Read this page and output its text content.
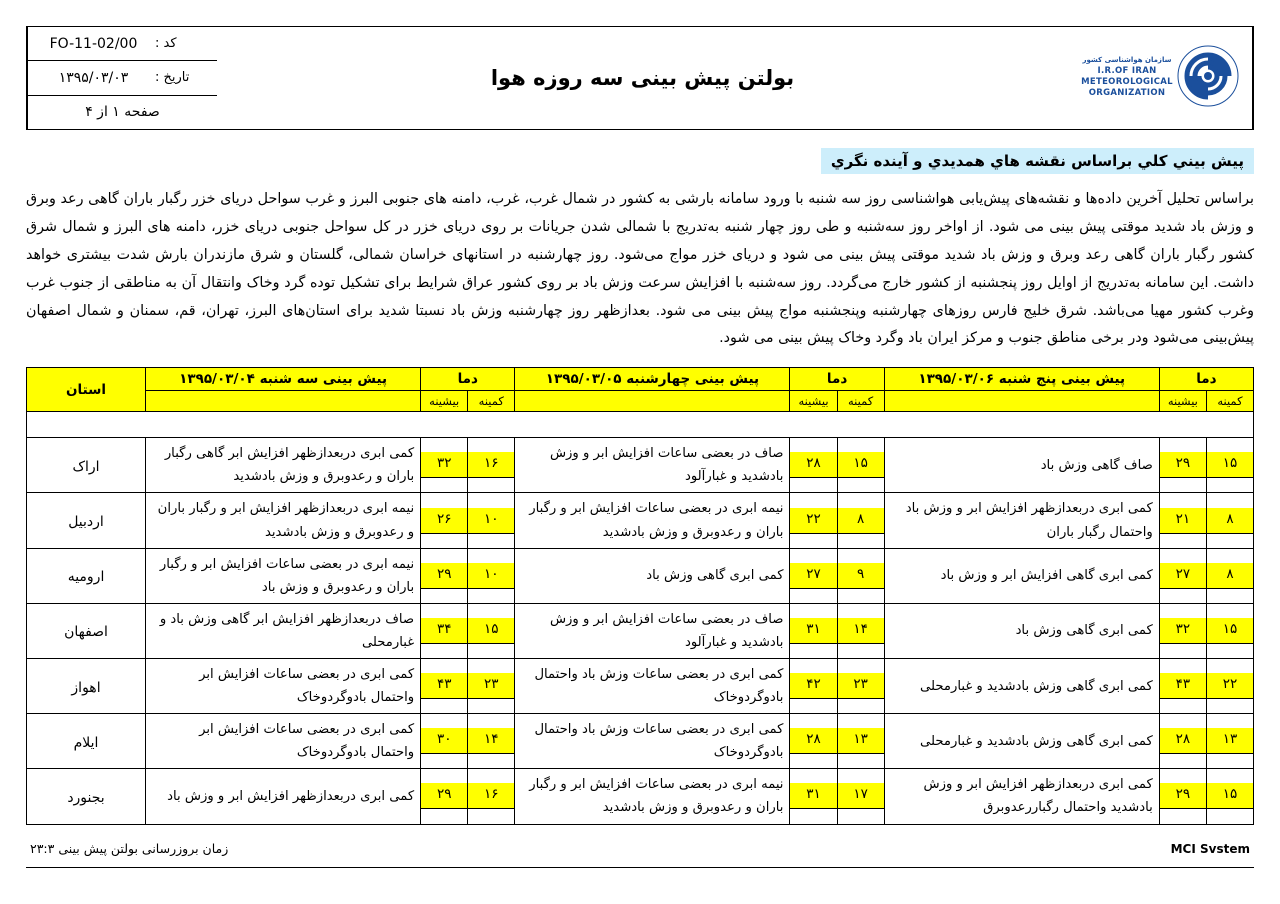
سازمان هواشناسی کشور
I.R.OF IRAN
METEOROLOGICAL
ORGANIZATION
بولتن پیش بینی سه روزه هوا
کد :
FO-11-02/00
تاریخ :
۱۳۹۵/۰۳/۰۳
صفحه ۱ از ۴
پيش بيني كلي براساس نقشه هاي همديدي و آينده نگري
براساس تحلیل آخرین داده‌ها و نقشه‌های پیش‌یابی هواشناسی روز سه شنبه با ورود سامانه بارشی به کشور در شمال غرب، غرب، دامنه های جنوبی البرز و غرب سواحل دریای خزر رگبار باران گاهی رعد وبرق و وزش باد شدید موقتی پیش بینی می شود. از اواخر روز سه‌شنبه و طی روز چهار شنبه به‌تدریج با شمالی شدن جریانات بر روی دریای خزر در کل سواحل جنوبی دریای خزر، دامنه های البرز و شمال شرق کشور رگبار باران گاهی رعد وبرق و وزش باد شدید موقتی پیش بینی می شود و دریای خزر مواج می‌شود. روز چهارشنبه در استانهای خراسان شمالی، گلستان و شرق مازندران بارش شدت بیشتری خواهد داشت. این سامانه به‌تدریج از اوایل روز پنجشنبه از کشور خارج می‌گردد. روز سه‌شنبه با افزایش سرعت وزش باد بر روی کشور عراق شرایط برای تشکیل توده گرد وخاک وانتقال آن به مناطقی از جنوب غرب وغرب کشور مهیا می‌باشد. شرق خلیج فارس روزهای چهارشنبه وپنجشنبه مواج پیش بینی می شود. بعدازظهر روز چهارشنبه وزش باد نسبتا شدید برای استان‌های البرز، تهران، قم، سمنان و شمال اصفهان پیش‌بینی می‌شود ودر برخی مناطق جنوب و مرکز ایران باد وگرد وخاک پیش بینی می شود.
دما		پیش بینی پنج شنبه ۱۳۹۵/۰۳/۰۶	دما		پیش بینی چهارشنبه ۱۳۹۵/۰۳/۰۵	دما		پیش بینی سه شنبه ۱۳۹۵/۰۳/۰۴	استان
کمینه	بیشینه		کمینه	بیشینه		کمینه	بیشینه		

۱۵	۲۹	صاف گاهی وزش باد	۱۵	۲۸	صاف در بعضی ساعات افزایش ابر و وزش بادشدید و غبارآلود	۱۶	۳۲	کمی ابری دربعدازظهر افزایش ابر گاهی رگبار باران و رعدوبرق و وزش بادشدید	اراک

۸	۲۱	کمی ابری دربعدازظهر افزایش ابر و وزش باد واحتمال رگبار باران	۸	۲۲	نیمه ابری در بعضی ساعات افزایش ابر و رگبار باران و رعدوبرق و وزش بادشدید	۱۰	۲۶	نیمه ابری دربعدازظهر افزایش ابر و رگبار باران و رعدوبرق و وزش بادشدید	اردبیل

۸	۲۷	کمی ابری گاهی افزایش ابر و وزش باد	۹	۲۷	کمی ابری گاهی وزش باد	۱۰	۲۹	نیمه ابری در بعضی ساعات افزایش ابر و رگبار باران و رعدوبرق و وزش باد	ارومیه

۱۵	۳۲	کمی ابری گاهی وزش باد	۱۴	۳۱	صاف در بعضی ساعات افزایش ابر و وزش بادشدید و غبارآلود	۱۵	۳۴	صاف دربعدازظهر افزایش ابر گاهی وزش باد و غبارمحلی	اصفهان

۲۲	۴۳	کمی ابری گاهی وزش بادشدید و غبارمحلی	۲۳	۴۲	کمی ابری در بعضی ساعات وزش باد واحتمال بادوگردوخاک	۲۳	۴۳	کمی ابری در بعضی ساعات افزایش ابر واحتمال بادوگردوخاک	اهواز

۱۳	۲۸	کمی ابری گاهی وزش بادشدید و غبارمحلی	۱۳	۲۸	کمی ابری در بعضی ساعات وزش باد واحتمال بادوگردوخاک	۱۴	۳۰	کمی ابری در بعضی ساعات افزایش ابر واحتمال بادوگردوخاک	ایلام

۱۵	۲۹	کمی ابری دربعدازظهر افزایش ابر و وزش بادشدید واحتمال رگباررعدوبرق	۱۷	۳۱	نیمه ابری در بعضی ساعات افزایش ابر و رگبار باران و رعدوبرق و وزش بادشدید	۱۶	۲۹	کمی ابری دربعدازظهر افزایش ابر و وزش باد	بجنورد
MCI Svstem
زمان بروزرسانی بولتن پیش بینی ۲۳:۳
